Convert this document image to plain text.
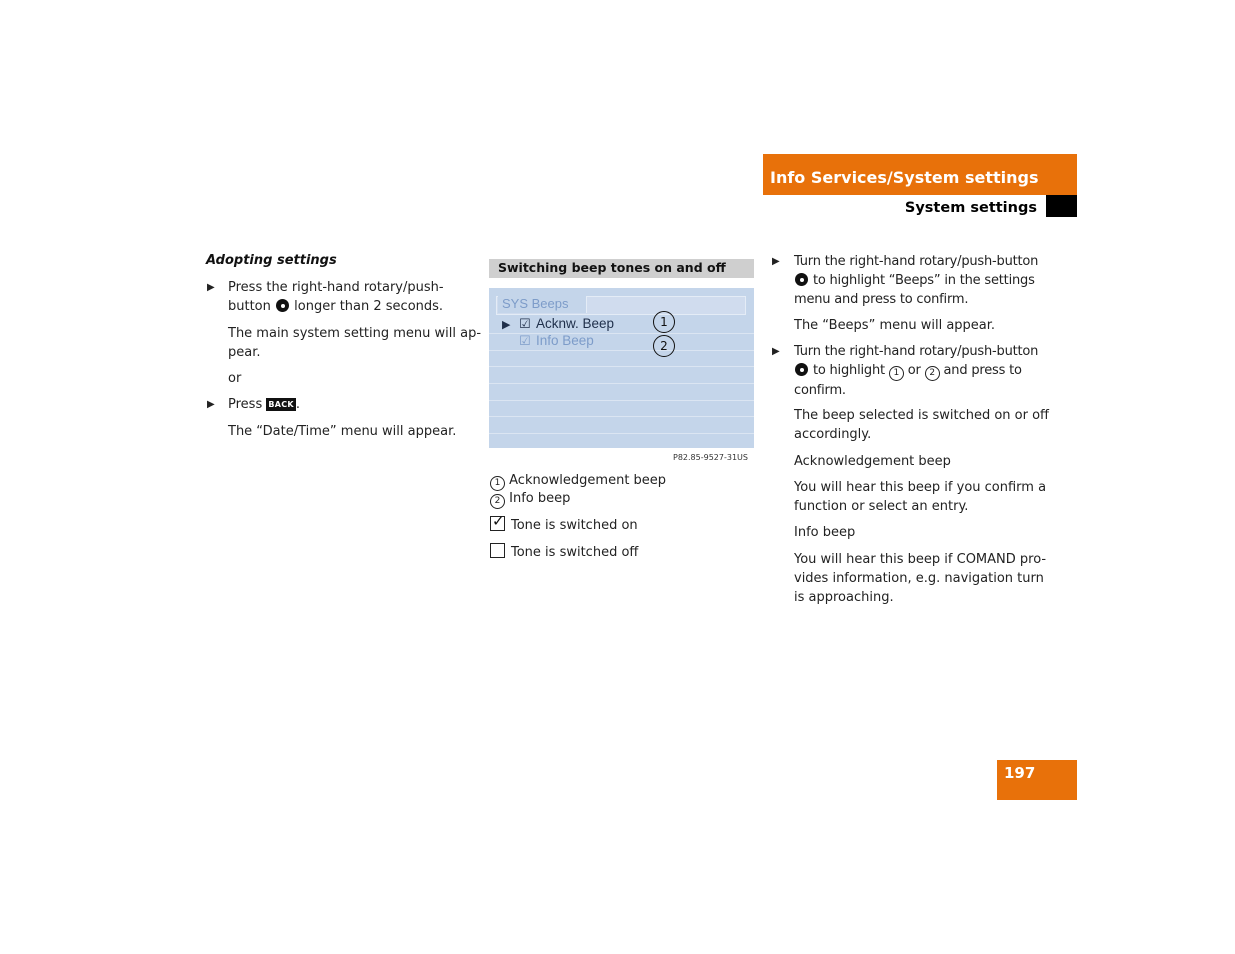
Info Services/System settings
System settings
Adopting settings
▶ Press the right-hand rotary/push-
button longer than 2 seconds.
The main system setting menu will ap-
pear.
or
▶ Press BACK .
The “Date/Time” menu will appear.
Switching beep tones on and off
SYS Beeps
▶ ☑ Acknw. Beep
☑ Info Beep
1
2
P82.85-9527-31US
1 Acknowledgement beep
2 Info beep
✓Tone is switched on
Tone is switched off
▶ Turn the right-hand rotary/push-button
to highlight “Beeps” in the settings
menu and press to confirm.
The “Beeps” menu will appear.
▶ Turn the right-hand rotary/push-button
to highlight 1 or 2 and press to
confirm.
The beep selected is switched on or off
accordingly.
Acknowledgement beep
You will hear this beep if you confirm a
function or select an entry.
Info beep
You will hear this beep if COMAND pro-
vides information, e.g. navigation turn
is approaching.
197
